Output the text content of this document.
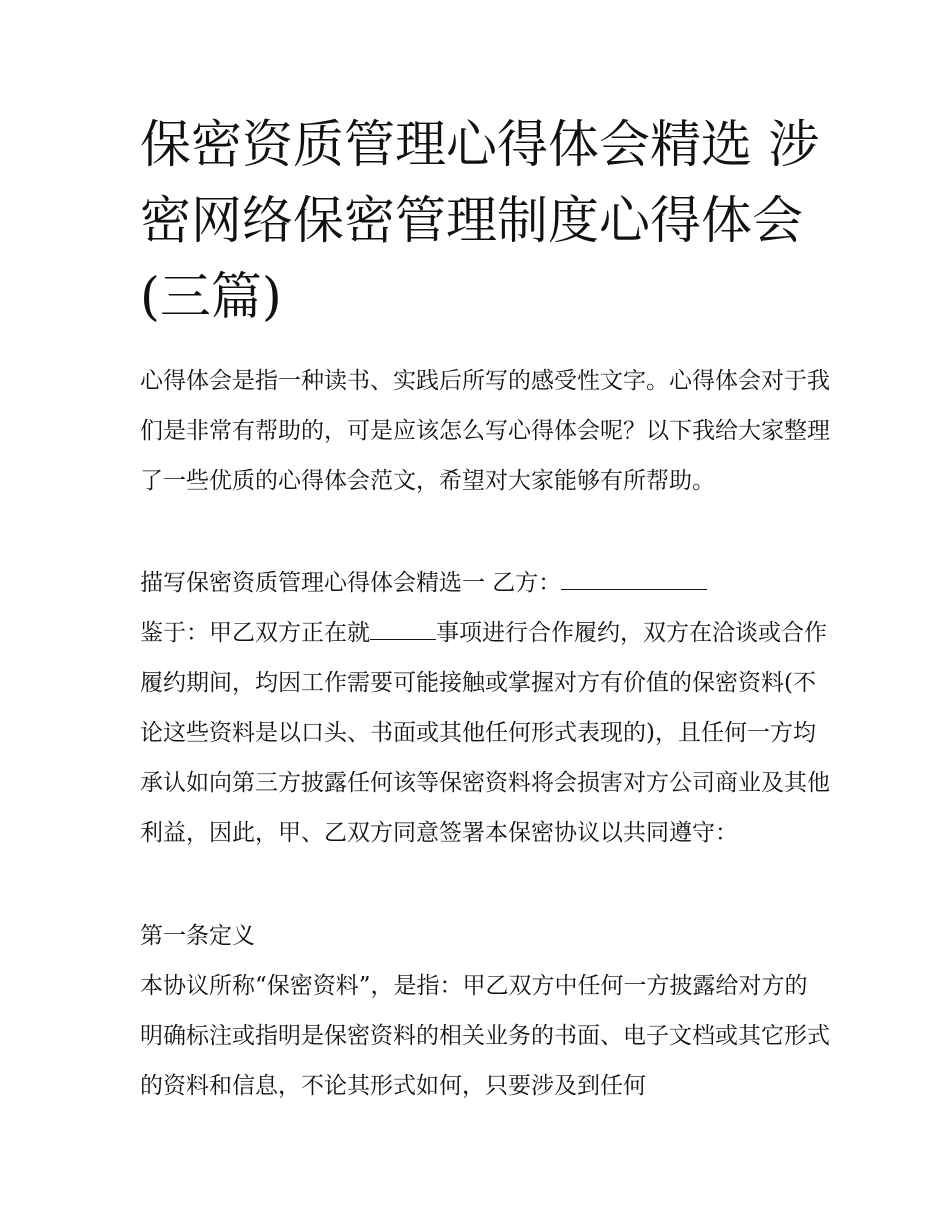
保密资质管理心得体会精选 涉密网络保密管理制度心得体会(三篇)

心得体会是指一种读书、实践后所写的感受性文字。心得体会对于我们是非常有帮助的，可是应该怎么写心得体会呢？以下我给大家整理了一些优质的心得体会范文，希望对大家能够有所帮助。

描写保密资质管理心得体会精选一 乙方：

鉴于：甲乙双方正在就	事项进行合作履约，双方在洽谈或合作履约期间，均因工作需要可能接触或掌握对方有价值的保密资料(不论这些资料是以口头、书面或其他任何形式表现的)，且任何一方均承认如向第三方披露任何该等保密资料将会损害对方公司商业及其他利益，因此，甲、乙双方同意签署本保密协议以共同遵守：

第一条定义

本协议所称“保密资料”，是指：甲乙双方中任何一方披露给对方的明确标注或指明是保密资料的相关业务的书面、电子文档或其它形式的资料和信息，不论其形式如何，只要涉及到任何
